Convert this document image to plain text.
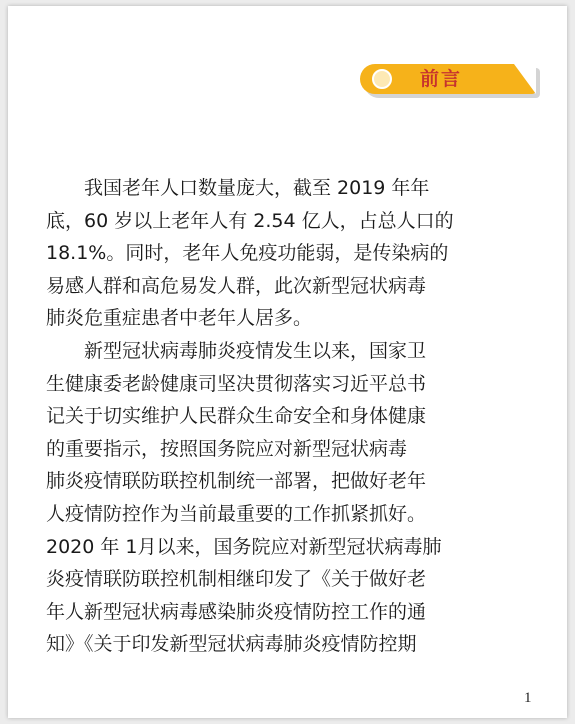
前言
　　我国老年人口数量庞大，截至 2019 年年
底，60 岁以上老年人有 2.54 亿人，占总人口的
18.1%。同时，老年人免疫功能弱，是传染病的
易感人群和高危易发人群，此次新型冠状病毒
肺炎危重症患者中老年人居多。
　　新型冠状病毒肺炎疫情发生以来，国家卫
生健康委老龄健康司坚决贯彻落实习近平总书
记关于切实维护人民群众生命安全和身体健康
的重要指示，按照国务院应对新型冠状病毒
肺炎疫情联防联控机制统一部署，把做好老年
人疫情防控作为当前最重要的工作抓紧抓好。
2020 年 1月以来，国务院应对新型冠状病毒肺
炎疫情联防联控机制相继印发了《关于做好老
年人新型冠状病毒感染肺炎疫情防控工作的通
知》《关于印发新型冠状病毒肺炎疫情防控期
1
